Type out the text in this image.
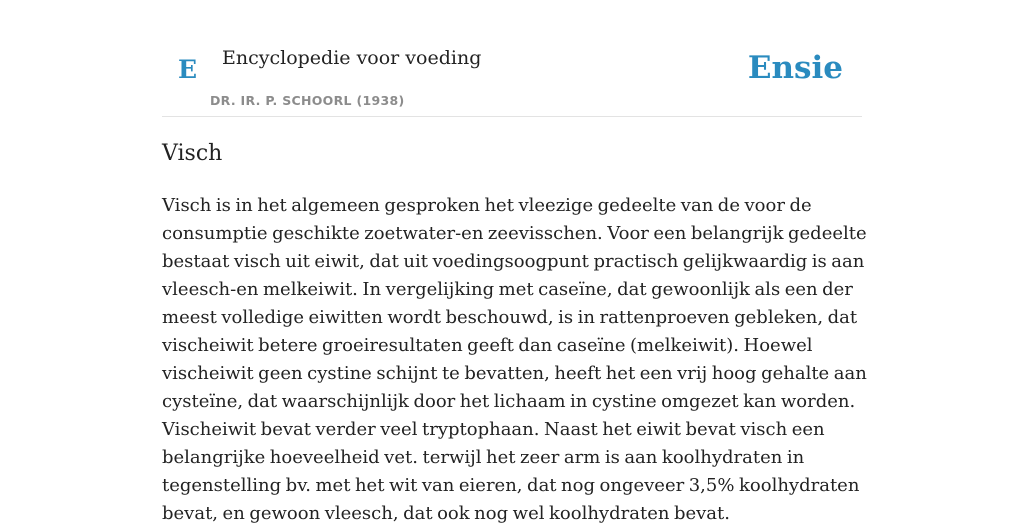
E Encyclopedie voor voeding
DR. IR. P. SCHOORL (1938)
Ensie
Visch

Visch is in het algemeen gesproken het vleezige gedeelte van de voor de consumptie geschikte zoetwater-en zeevisschen. Voor een belangrijk gedeelte bestaat visch uit eiwit, dat uit voedingsoogpunt practisch gelijkwaardig is aan vleesch-en melkeiwit. In vergelijking met caseïne, dat gewoonlijk als een der meest volledige eiwitten wordt beschouwd, is in rattenproeven gebleken, dat vischeiwit betere groeiresultaten geeft dan caseïne (melkeiwit). Hoewel vischeiwit geen cystine schijnt te bevatten, heeft het een vrij hoog gehalte aan cysteïne, dat waarschijnlijk door het lichaam in cystine omgezet kan worden. Vischeiwit bevat verder veel tryptophaan. Naast het eiwit bevat visch een belangrijke hoeveelheid vet. terwijl het zeer arm is aan koolhydraten in tegenstelling bv. met het wit van eieren, dat nog ongeveer 3,5% koolhydraten bevat, en gewoon vleesch, dat ook nog wel koolhydraten bevat.
